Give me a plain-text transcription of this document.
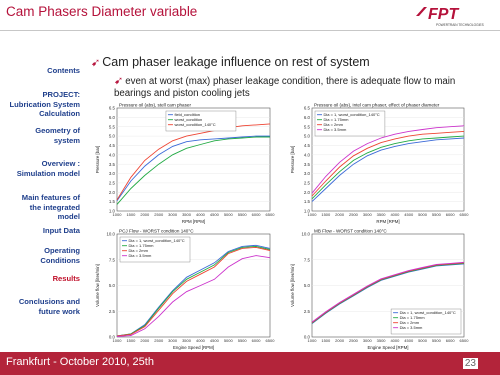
Cam Phasers Diameter variable	FPT
POWERTRAIN TECHNOLOGIES
Contents
PROJECT:
Lubrication System
Calculation
Geometry of
system
Overview :
Simulation model
Main features of
the integrated
model
Input Data
Operating
Conditions
Results
Conclusions and
future work
➹ Cam phaser leakage influence on rest of system
➹ even at worst (max) phaser leakage condition, there is adequate flow to main bearings and piston cooling jets
Pressure oil (abs), stell cam phaser
1.0
1.5
2.0
2.5
3.0
3.5
4.0
4.5
5.0
5.5
6.0
6.5
1000 1500 2000 2500 3000 3500 4000 4500 5000 5500 6000 6500
RPM [RPM]
Pressure [bar]
field_condition
worst_condition
worst_condition_140°C
Pressure oil (abs), intel cam phaser, effect of phaser diameter
1.0
1.5
2.0
2.5
3.0
3.5
4.0
4.5
5.0
5.5
6.0
6.5
1000 1500 2000 2500 3000 3500 4000 4500 5000 5500 6000 6500
RPM [RPM]
Pressure [bar]
Dia = 1, worst_condition_140°C
Dia = 1.75mm
Dia = 2mm
Dia = 3.5mm
PCJ Flow - WORST condition 140°C
0.0
2.5
5.0
7.5
10.0
1000 1500 2000 2500 3000 3500 4000 4500 5000 5500 6000 6500
Engine Speed [RPM]
Volume flow [liter/min]
Dia = 1, worst_condition_140°C
Dia = 1.75mm
Dia = 2mm
Dia = 3.5mm
MB Flow - WORST condition 140°C
0.0
2.5
5.0
7.5
10.0
1000 1500 2000 2500 3000 3500 4000 4500 5000 5500 6000 6500
Engine Speed [RPM]
Volume flow [liter/min]
Dia = 1, worst_condition_140°C
Dia = 1.75mm
Dia = 2mm
Dia = 3.5mm
Frankfurt - October 2010, 25th	23
